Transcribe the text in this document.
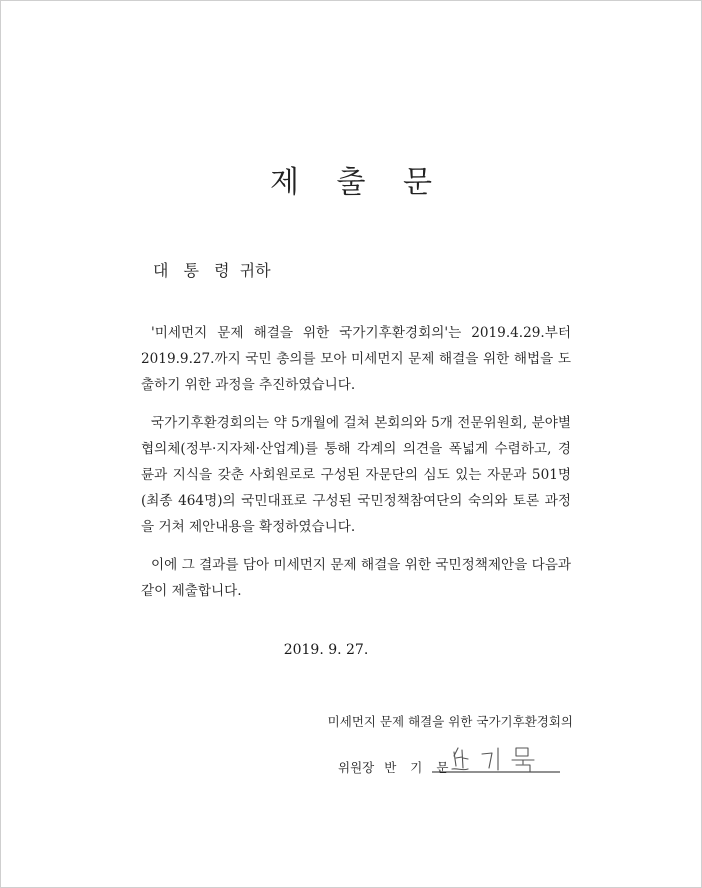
제 출 문
대 통 령 귀하

'미세먼지 문제 해결을 위한 국가기후환경회의'는 2019.4.29.부터 2019.9.27.까지 국민 총의를 모아 미세먼지 문제 해결을 위한 해법을 도출하기 위한 과정을 추진하였습니다.

국가기후환경회의는 약 5개월에 걸쳐 본회의와 5개 전문위원회, 분야별 협의체(정부·지자체·산업계)를 통해 각계의 의견을 폭넓게 수렴하고, 경륜과 지식을 갖춘 사회원로로 구성된 자문단의 심도 있는 자문과 501명(최종 464명)의 국민대표로 구성된 국민정책참여단의 숙의와 토론 과정을 거쳐 제안내용을 확정하였습니다.

이에 그 결과를 담아 미세먼지 문제 해결을 위한 국민정책제안을 다음과 같이 제출합니다.

2019. 9. 27.
미세먼지 문제 해결을 위한 국가기후환경회의
위원장 반 기 문
